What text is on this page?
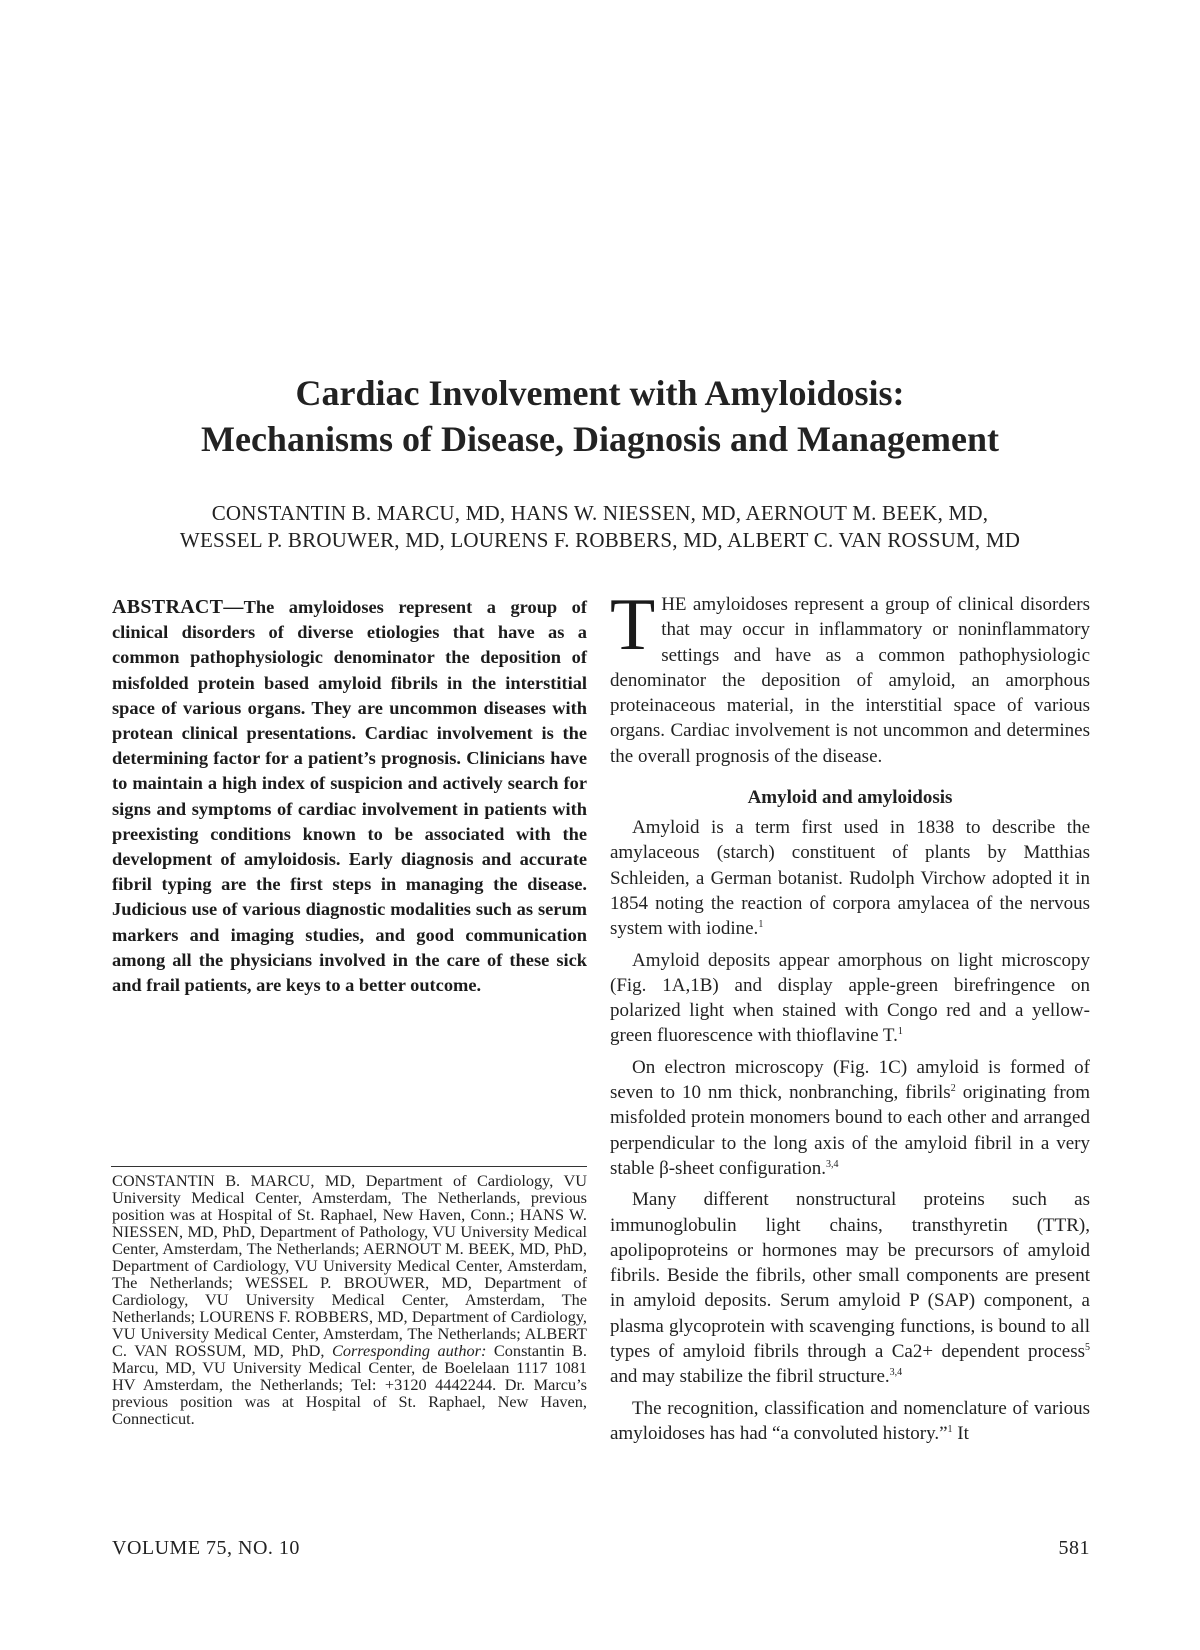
Cardiac Involvement with Amyloidosis:
Mechanisms of Disease, Diagnosis and Management
CONSTANTIN B. MARCU, MD, HANS W. NIESSEN, MD, AERNOUT M. BEEK, MD,
WESSEL P. BROUWER, MD, LOURENS F. ROBBERS, MD, ALBERT C. VAN ROSSUM, MD
ABSTRACT—The amyloidoses represent a group of clinical disorders of diverse etiologies that have as a common pathophysiologic denominator the deposition of misfolded protein based amyloid fibrils in the interstitial space of various organs. They are uncommon diseases with protean clinical presentations. Cardiac involvement is the determining factor for a patient’s prognosis. Clinicians have to maintain a high index of suspicion and actively search for signs and symptoms of cardiac involvement in patients with preexisting conditions known to be associated with the development of amyloidosis. Early diagnosis and accurate fibril typing are the first steps in managing the disease. Judicious use of various diagnostic modalities such as serum markers and imaging studies, and good communication among all the physicians involved in the care of these sick and frail patients, are keys to a better outcome.
CONSTANTIN B. MARCU, MD, Department of Cardiology, VU University Medical Center, Amsterdam, The Netherlands, previous position was at Hospital of St. Raphael, New Haven, Conn.; HANS W. NIESSEN, MD, PhD, Department of Pathology, VU University Medical Center, Amsterdam, The Netherlands; AERNOUT M. BEEK, MD, PhD, Department of Cardiology, VU University Medical Center, Amsterdam, The Netherlands; WESSEL P. BROUWER, MD, Department of Cardiology, VU University Medical Center, Amsterdam, The Netherlands; LOURENS F. ROBBERS, MD, Department of Cardiology, VU University Medical Center, Amsterdam, The Netherlands; ALBERT C. VAN ROSSUM, MD, PhD, Corresponding author: Constantin B. Marcu, MD, VU University Medical Center, de Boelelaan 1117 1081 HV Amsterdam, the Netherlands; Tel: +3120 4442244. Dr. Marcu’s previous position was at Hospital of St. Raphael, New Haven, Connecticut.

THE amyloidoses represent a group of clinical disorders that may occur in inflammatory or noninflammatory settings and have as a common pathophysiologic denominator the deposition of amyloid, an amorphous proteinaceous material, in the interstitial space of various organs. Cardiac involvement is not uncommon and determines the overall prognosis of the disease.

Amyloid and amyloidosis

Amyloid is a term first used in 1838 to describe the amylaceous (starch) constituent of plants by Matthias Schleiden, a German botanist. Rudolph Virchow adopted it in 1854 noting the reaction of corpora amylacea of the nervous system with iodine.$^1$

Amyloid deposits appear amorphous on light microscopy (Fig. 1A,1B) and display apple-green birefringence on polarized light when stained with Congo red and a yellow-green fluorescence with thioflavine T.$^1$

On electron microscopy (Fig. 1C) amyloid is formed of seven to 10 nm thick, nonbranching, fibrils$^2$ originating from misfolded protein monomers bound to each other and arranged perpendicular to the long axis of the amyloid fibril in a very stable β-sheet configuration.$^{3,4}$

Many different nonstructural proteins such as immunoglobulin light chains, transthyretin (TTR), apolipoproteins or hormones may be precursors of amyloid fibrils. Beside the fibrils, other small components are present in amyloid deposits. Serum amyloid P (SAP) component, a plasma glycoprotein with scavenging functions, is bound to all types of amyloid fibrils through a Ca2+ dependent process$^5$ and may stabilize the fibril structure.$^{3,4}$

The recognition, classification and nomenclature of various amyloidoses has had “a convoluted history.”$^1$ It

VOLUME 75, NO. 10	581
